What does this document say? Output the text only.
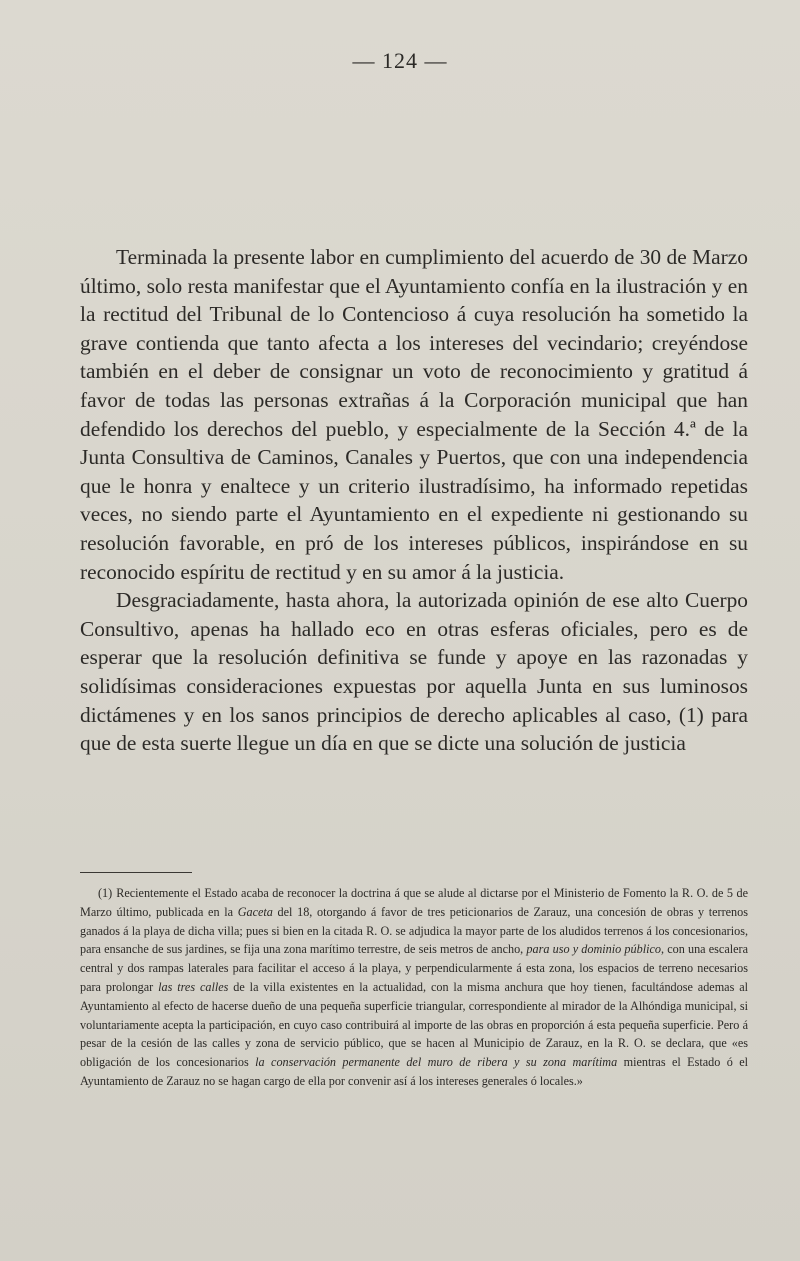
— 124 —

Terminada la presente labor en cumplimiento del acuerdo de 30 de Marzo último, solo resta manifestar que el Ayuntamiento confía en la ilustración y en la rectitud del Tribunal de lo Contencioso á cuya resolución ha sometido la grave contienda que tanto afecta a los intereses del vecindario; creyéndose también en el deber de consignar un voto de reconocimiento y gratitud á favor de todas las personas extrañas á la Corporación municipal que han defendido los derechos del pueblo, y especialmente de la Sección 4.ª de la Junta Consultiva de Caminos, Canales y Puertos, que con una independencia que le honra y enaltece y un criterio ilustradísimo, ha informado repetidas veces, no siendo parte el Ayuntamiento en el expediente ni gestionando su resolución favorable, en pró de los intereses públicos, inspirándose en su reconocido espíritu de rectitud y en su amor á la justicia.

Desgraciadamente, hasta ahora, la autorizada opinión de ese alto Cuerpo Consultivo, apenas ha hallado eco en otras esferas oficiales, pero es de esperar que la resolución definitiva se funde y apoye en las razonadas y solidísimas consideraciones expuestas por aquella Junta en sus luminosos dictámenes y en los sanos principios de derecho aplicables al caso, (1) para que de esta suerte llegue un día en que se dicte una solución de justicia

(1) Recientemente el Estado acaba de reconocer la doctrina á que se alude al dictarse por el Ministerio de Fomento la R. O. de 5 de Marzo último, publicada en la Gaceta del 18, otorgando á favor de tres peticionarios de Zarauz, una concesión de obras y terrenos ganados á la playa de dicha villa; pues si bien en la citada R. O. se adjudica la mayor parte de los aludidos terrenos á los concesionarios, para ensanche de sus jardines, se fija una zona marítimo terrestre, de seis metros de ancho, para uso y dominio público, con una escalera central y dos rampas laterales para facilitar el acceso á la playa, y perpendicularmente á esta zona, los espacios de terreno necesarios para prolongar las tres calles de la villa existentes en la actualidad, con la misma anchura que hoy tienen, facultándose ademas al Ayuntamiento al efecto de hacerse dueño de una pequeña superficie triangular, correspondiente al mirador de la Alhóndiga municipal, si voluntariamente acepta la participación, en cuyo caso contribuirá al importe de las obras en proporción á esta pequeña superficie. Pero á pesar de la cesión de las calles y zona de servicio público, que se hacen al Municipio de Zarauz, en la R. O. se declara, que «es obligación de los concesionarios la conservación permanente del muro de ribera y su zona marítima mientras el Estado ó el Ayuntamiento de Zarauz no se hagan cargo de ella por convenir así á los intereses generales ó locales.»
